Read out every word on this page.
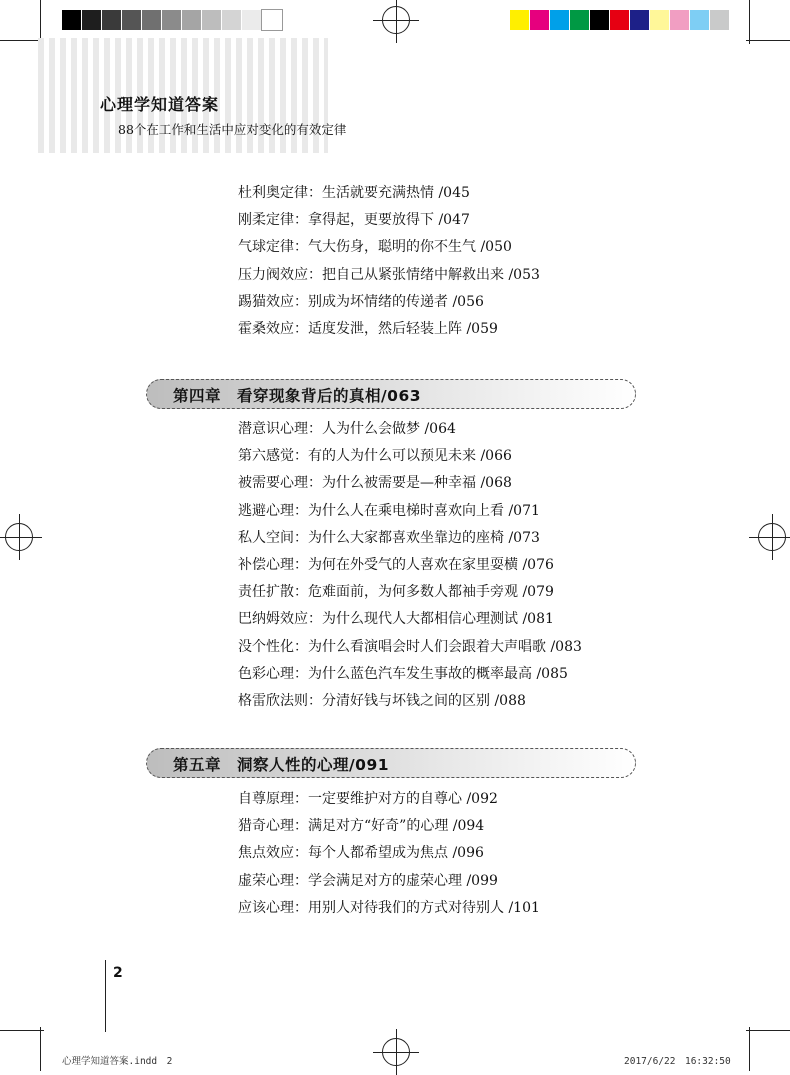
心理学知道答案
88个在工作和生活中应对变化的有效定律
杜利奥定律：生活就要充满热情 /045
刚柔定律：拿得起，更要放得下 /047
气球定律：气大伤身，聪明的你不生气 /050
压力阀效应：把自己从紧张情绪中解救出来 /053
踢猫效应：别成为坏情绪的传递者 /056
霍桑效应：适度发泄，然后轻装上阵 /059
第四章　看穿现象背后的真相/063
潜意识心理：人为什么会做梦 /064
第六感觉：有的人为什么可以预见未来 /066
被需要心理：为什么被需要是—种幸福 /068
逃避心理：为什么人在乘电梯时喜欢向上看 /071
私人空间：为什么大家都喜欢坐靠边的座椅 /073
补偿心理：为何在外受气的人喜欢在家里耍横 /076
责任扩散：危难面前，为何多数人都袖手旁观 /079
巴纳姆效应：为什么现代人大都相信心理测试 /081
没个性化：为什么看演唱会时人们会跟着大声唱歌 /083
色彩心理：为什么蓝色汽车发生事故的概率最高 /085
格雷欣法则：分清好钱与坏钱之间的区别 /088
第五章　洞察人性的心理/091
自尊原理：一定要维护对方的自尊心 /092
猎奇心理：满足对方“好奇”的心理 /094
焦点效应：每个人都希望成为焦点 /096
虚荣心理：学会满足对方的虚荣心理 /099
应该心理：用别人对待我们的方式对待别人 /101
2
心理学知道答案.indd　2	2017/6/22　16:32:50
